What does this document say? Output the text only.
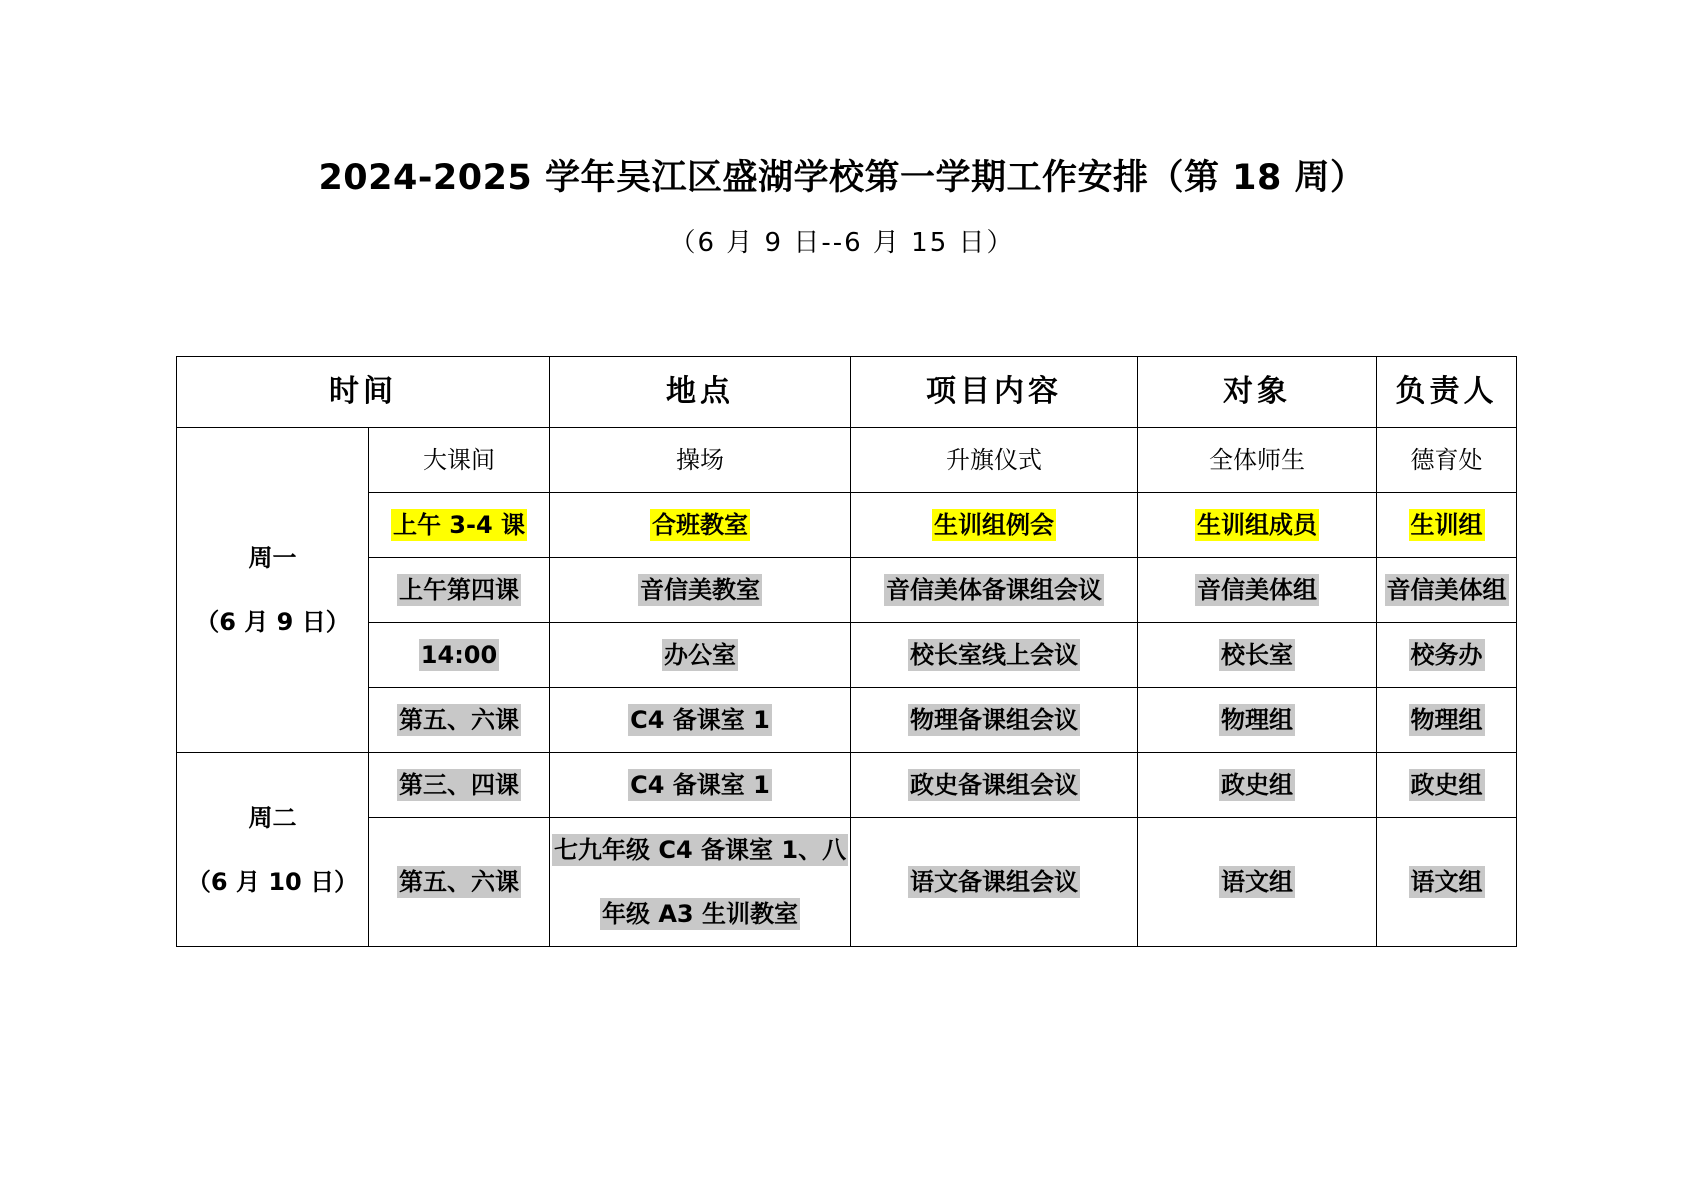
2024-2025 学年吴江区盛湖学校第一学期工作安排（第 18 周）
（6 月 9 日--6 月 15 日）
时间		地点	项目内容	对象	负责人

周一
（6 月 9 日）	大课间	操场	升旗仪式	全体师生	德育处
	上午 3-4 课	合班教室	生训组例会	生训组成员	生训组
	上午第四课	音信美教室	音信美体备课组会议	音信美体组	音信美体组

	14:00	办公室	校长室线上会议	校长室	校务办
	第五、六课	C4 备课室 1	物理备课组会议	物理组	物理组

周二
（6 月 10 日）	第三、四课	C4 备课室 1	政史备课组会议	政史组	政史组
	第五、六课	七九年级 C4 备课室 1、八年级 A3 生训教室	语文备课组会议	语文组	语文组
